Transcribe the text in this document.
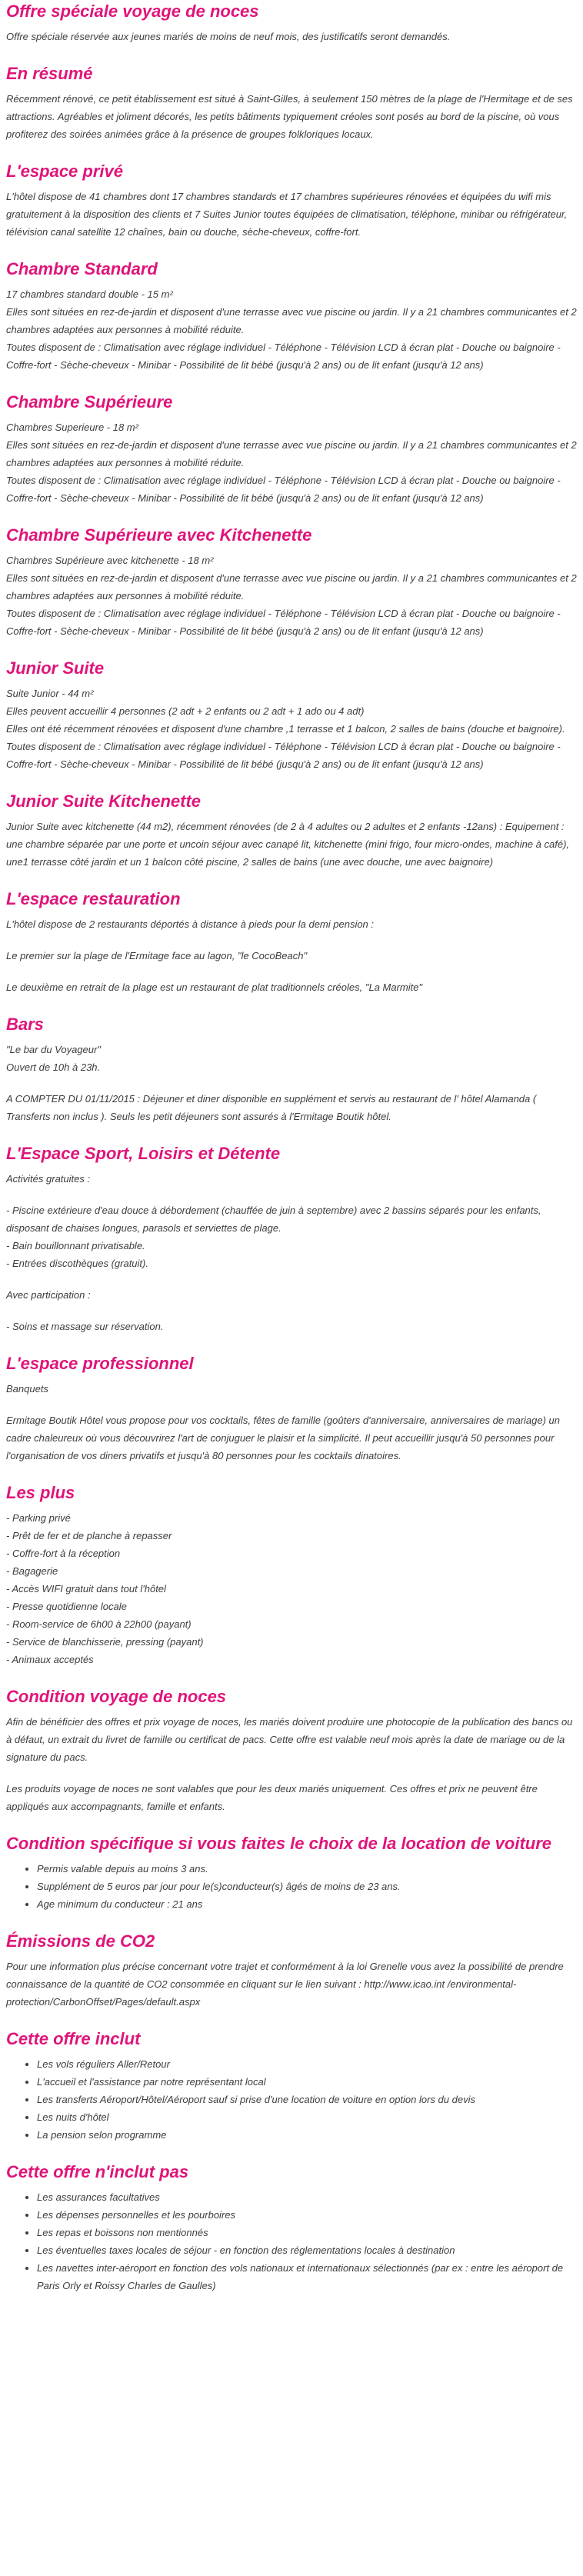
Offre spéciale voyage de noces

Offre spéciale réservée aux jeunes mariés de moins de neuf mois, des justificatifs seront demandés.

En résumé

Récemment rénové, ce petit établissement est situé à Saint-Gilles, à seulement 150 mètres de la plage de l'Hermitage et de ses attractions. Agréables et joliment décorés, les petits bâtiments typiquement créoles sont posés au bord de la piscine, où vous profiterez des soirées animées grâce à la présence de groupes folkloriques locaux.

L'espace privé

L'hôtel dispose de 41 chambres dont 17 chambres standards et 17 chambres supérieures rénovées et équipées du wifi mis gratuitement à la disposition des clients et 7 Suites Junior toutes équipées de climatisation, téléphone, minibar ou réfrigérateur, télévision canal satellite 12 chaînes, bain ou douche, sèche-cheveux, coffre-fort.

Chambre Standard

17 chambres standard double - 15 m²

Elles sont situées en rez-de-jardin et disposent d'une terrasse avec vue piscine ou jardin. Il y a 21 chambres communicantes et 2 chambres adaptées aux personnes à mobilité réduite.

Toutes disposent de : Climatisation avec réglage individuel - Téléphone - Télévision LCD à écran plat - Douche ou baignoire - Coffre-fort - Sèche-cheveux - Minibar - Possibilité de lit bébé (jusqu'à 2 ans) ou de lit enfant (jusqu'à 12 ans)

Chambre Supérieure

Chambres Superieure - 18 m²

Elles sont situées en rez-de-jardin et disposent d'une terrasse avec vue piscine ou jardin. Il y a 21 chambres communicantes et 2 chambres adaptées aux personnes à mobilité réduite.

Toutes disposent de : Climatisation avec réglage individuel - Téléphone - Télévision LCD à écran plat - Douche ou baignoire - Coffre-fort - Sèche-cheveux - Minibar - Possibilité de lit bébé (jusqu'à 2 ans) ou de lit enfant (jusqu'à 12 ans)

Chambre Supérieure avec Kitchenette

Chambres Supérieure avec kitchenette - 18 m²

Elles sont situées en rez-de-jardin et disposent d'une terrasse avec vue piscine ou jardin. Il y a 21 chambres communicantes et 2 chambres adaptées aux personnes à mobilité réduite.

Toutes disposent de : Climatisation avec réglage individuel - Téléphone - Télévision LCD à écran plat - Douche ou baignoire - Coffre-fort - Sèche-cheveux - Minibar - Possibilité de lit bébé (jusqu'à 2 ans) ou de lit enfant (jusqu'à 12 ans)

Junior Suite

Suite Junior - 44 m²

Elles peuvent accueillir 4 personnes (2 adt + 2 enfants ou 2 adt + 1 ado ou 4 adt)

Elles ont été récemment rénovées et disposent d'une chambre ,1 terrasse et 1 balcon, 2 salles de bains (douche et baignoire).

Toutes disposent de : Climatisation avec réglage individuel - Téléphone - Télévision LCD à écran plat - Douche ou baignoire - Coffre-fort - Sèche-cheveux - Minibar - Possibilité de lit bébé (jusqu'à 2 ans) ou de lit enfant (jusqu'à 12 ans)

Junior Suite Kitchenette

Junior Suite avec kitchenette (44 m2), récemment rénovées (de 2 à 4 adultes ou 2 adultes et 2 enfants -12ans) : Equipement : une chambre séparée par une porte et uncoin séjour avec canapé lit, kitchenette (mini frigo, four micro-ondes, machine à café), une1 terrasse côté jardin et un 1 balcon côté piscine, 2 salles de bains (une avec douche, une avec baignoire)

L'espace restauration

L'hôtel dispose de 2 restaurants déportés à distance à pieds pour la demi pension :

Le premier sur la plage de l'Ermitage face au lagon, "le CocoBeach"

Le deuxième en retrait de la plage est un restaurant de plat traditionnels créoles, "La Marmite"

Bars

"Le bar du Voyageur"

Ouvert de 10h à 23h.

A COMPTER DU 01/11/2015 : Déjeuner et diner disponible en supplément et servis au restaurant de l' hôtel Alamanda ( Transferts non inclus ). Seuls les petit déjeuners sont assurés à l'Ermitage Boutik hôtel.

L'Espace Sport, Loisirs et Détente

Activités gratuites :

- Piscine extérieure d'eau douce à débordement (chauffée de juin à septembre) avec 2 bassins séparés pour les enfants, disposant de chaises longues, parasols et serviettes de plage.

- Bain bouillonnant privatisable.

- Entrées discothèques (gratuit).

Avec participation :

- Soins et massage sur réservation.

L'espace professionnel

Banquets

Ermitage Boutik Hôtel vous propose pour vos cocktails, fêtes de famille (goûters d'anniversaire, anniversaires de mariage) un cadre chaleureux où vous découvrirez l'art de conjuguer le plaisir et la simplicité. Il peut accueillir jusqu'à 50 personnes pour l'organisation de vos diners privatifs et jusqu'à 80 personnes pour les cocktails dinatoires.

Les plus

- Parking privé

- Prêt de fer et de planche à repasser

- Coffre-fort à la réception

- Bagagerie

- Accès WIFI gratuit dans tout l'hôtel

- Presse quotidienne locale

- Room-service de 6h00 à 22h00 (payant)

- Service de blanchisserie, pressing (payant)

- Animaux acceptés

Condition voyage de noces

Afin de bénéficier des offres et prix voyage de noces, les mariés doivent produire une photocopie de la publication des bancs ou à défaut, un extrait du livret de famille ou certificat de pacs. Cette offre est valable neuf mois après la date de mariage ou de la signature du pacs.

Les produits voyage de noces ne sont valables que pour les deux mariés uniquement. Ces offres et prix ne peuvent être appliqués aux accompagnants, famille et enfants.

Condition spécifique si vous faites le choix de la location de voiture
• Permis valable depuis au moins 3 ans.
• Supplément de 5 euros par jour pour le(s)conducteur(s) âgés de moins de 23 ans.
• Age minimum du conducteur : 21 ans
Émissions de CO2

Pour une information plus précise concernant votre trajet et conformément à la loi Grenelle vous avez la possibilité de prendre connaissance de la quantité de CO2 consommée en cliquant sur le lien suivant : http://www.icao.int /environmental-protection/CarbonOffset/Pages/default.aspx

Cette offre inclut
• Les vols réguliers Aller/Retour
• L'accueil et l'assistance par notre représentant local
• Les transferts Aéroport/Hôtel/Aéroport sauf si prise d'une location de voiture en option lors du devis
• Les nuits d'hôtel
• La pension selon programme
Cette offre n'inclut pas
• Les assurances facultatives
• Les dépenses personnelles et les pourboires
• Les repas et boissons non mentionnés
• Les éventuelles taxes locales de séjour - en fonction des réglementations locales à destination
• Les navettes inter-aéroport en fonction des vols nationaux et internationaux sélectionnés (par ex : entre les aéroport de Paris Orly et Roissy Charles de Gaulles)
